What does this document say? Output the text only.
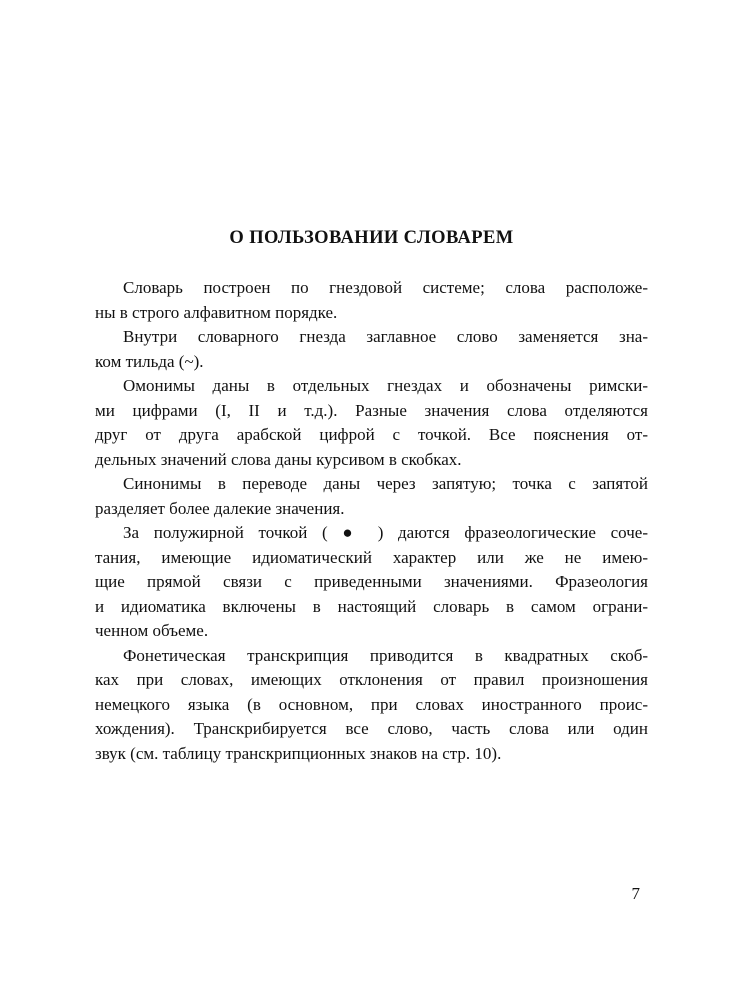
О ПОЛЬЗОВАНИИ СЛОВАРЕМ
Словарь построен по гнездовой системе; слова расположе-
ны в строго алфавитном порядке.
Внутри словарного гнезда заглавное слово заменяется зна-
ком тильда (~).
Омонимы даны в отдельных гнездах и обозначены римски-
ми цифрами (I, II и т.д.). Разные значения слова отделяются
друг от друга арабской цифрой с точкой. Все пояснения от-
дельных значений слова даны курсивом в скобках.
Синонимы в переводе даны через запятую; точка с запятой
разделяет более далекие значения.
За полужирной точкой ( ● ) даются фразеологические соче-
тания, имеющие идиоматический характер или же не имею-
щие прямой связи с приведенными значениями. Фразеология
и идиоматика включены в настоящий словарь в самом ограни-
ченном объеме.
Фонетическая транскрипция приводится в квадратных скоб-
ках при словах, имеющих отклонения от правил произношения
немецкого языка (в основном, при словах иностранного проис-
хождения). Транскрибируется все слово, часть слова или один
звук (см. таблицу транскрипционных знаков на стр. 10).
7
